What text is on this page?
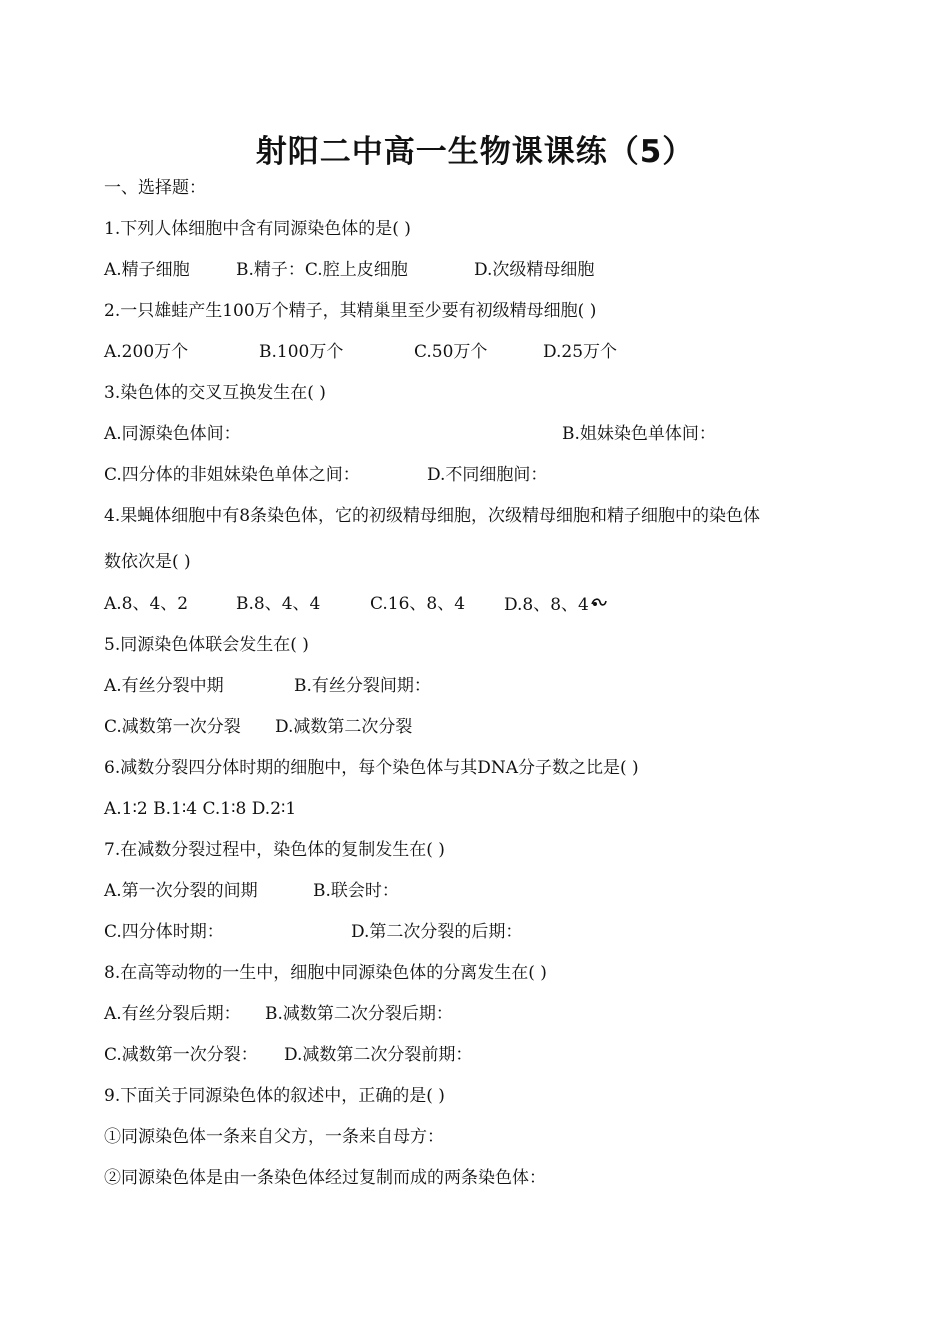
射阳二中高一生物课课练（5）
一、选择题：
1.下列人体细胞中含有同源染色体的是( )
A.精子细胞	B.精子：C.腔上皮细胞	D.次级精母细胞
2.一只雄蛙产生100万个精子，其精巢里至少要有初级精母细胞( )
A.200万个	B.100万个	C.50万个	D.25万个
3.染色体的交叉互换发生在( )
A.同源染色体间：	B.姐妹染色单体间：
C.四分体的非姐妹染色单体之间：	D.不同细胞间：
4.果蝇体细胞中有8条染色体，它的初级精母细胞，次级精母细胞和精子细胞中的染色体
数依次是( )
A.8、4、2	B.8、4、4	C.16、8、4 D.8、8、4
5.同源染色体联会发生在( )
A.有丝分裂中期	B.有丝分裂间期：
C.减数第一次分裂 D.减数第二次分裂
6.减数分裂四分体时期的细胞中，每个染色体与其DNA分子数之比是( )
A.1∶2 B.1∶4 C.1∶8 D.2∶1
7.在减数分裂过程中，染色体的复制发生在( )
A.第一次分裂的间期	B.联会时：
C.四分体时期：	D.第二次分裂的后期：
8.在高等动物的一生中，细胞中同源染色体的分离发生在( )
A.有丝分裂后期： B.减数第二次分裂后期：
C.减数第一次分裂： D.减数第二次分裂前期：
9.下面关于同源染色体的叙述中，正确的是( )
①同源染色体一条来自父方，一条来自母方：
②同源染色体是由一条染色体经过复制而成的两条染色体：
